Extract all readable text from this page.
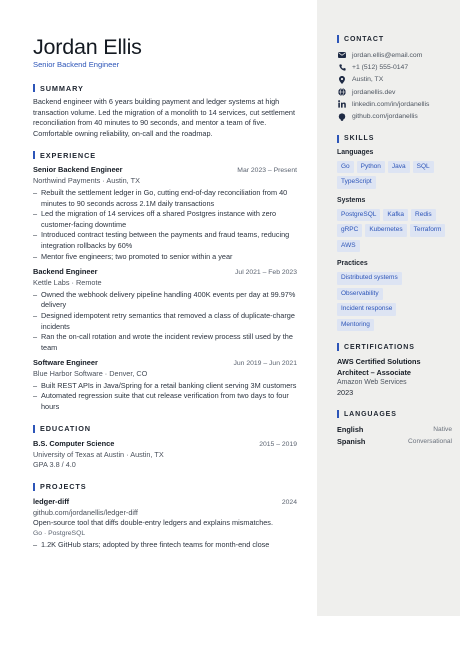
Jordan Ellis
Senior Backend Engineer
SUMMARY
Backend engineer with 6 years building payment and ledger systems at high transaction volume. Led the migration of a monolith to 14 services, cut settlement reconciliation from 40 minutes to 90 seconds, and mentor a team of five. Comfortable owning reliability, on-call and the roadmap.
EXPERIENCE
Senior Backend Engineer	Mar 2023 – Present
Northwind Payments · Austin, TX
– Rebuilt the settlement ledger in Go, cutting end-of-day reconciliation from 40 minutes to 90 seconds across 2.1M daily transactions
– Led the migration of 14 services off a shared Postgres instance with zero customer-facing downtime
– Introduced contract testing between the payments and fraud teams, reducing integration rollbacks by 60%
– Mentor five engineers; two promoted to senior within a year
Backend Engineer	Jul 2021 – Feb 2023
Kettle Labs · Remote
– Owned the webhook delivery pipeline handling 400K events per day at 99.97% delivery
– Designed idempotent retry semantics that removed a class of duplicate-charge incidents
– Ran the on-call rotation and wrote the incident review process still used by the team
Software Engineer	Jun 2019 – Jun 2021
Blue Harbor Software · Denver, CO
– Built REST APIs in Java/Spring for a retail banking client serving 3M customers
– Automated regression suite that cut release verification from two days to four hours
EDUCATION
B.S. Computer Science	2015 – 2019
University of Texas at Austin · Austin, TX
GPA 3.8 / 4.0
PROJECTS
ledger-diff	2024
github.com/jordanellis/ledger-diff
Open-source tool that diffs double-entry ledgers and explains mismatches.
Go · PostgreSQL
– 1.2K GitHub stars; adopted by three fintech teams for month-end close
CONTACT
jordan.ellis@email.com
+1 (512) 555-0147
Austin, TX
jordanellis.dev
linkedin.com/in/jordanellis
github.com/jordanellis
SKILLS
Languages
Go	Python	Java	SQL
TypeScript
Systems
PostgreSQL	Kafka	Redis
gRPC	Kubernetes	Terraform
AWS
Practices
Distributed systems
Observability
Incident response
Mentoring
CERTIFICATIONS
AWS Certified Solutions Architect – Associate
Amazon Web Services
2023
LANGUAGES
English	Native
Spanish	Conversational
